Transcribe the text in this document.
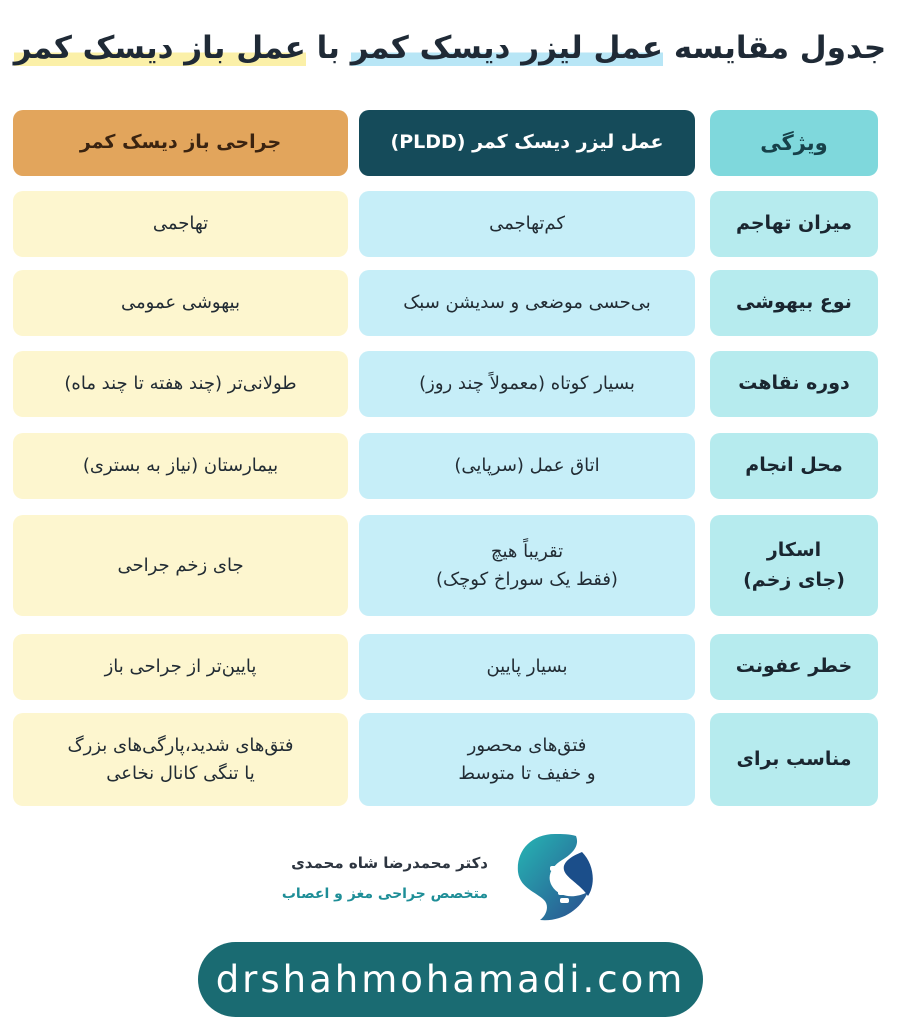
جدول مقایسه عمل لیزر دیسک کمر با عمل باز دیسک کمر
ویژگی
عمل لیزر دیسک کمر (PLDD)
جراحی باز دیسک کمر
میزان تهاجم
کم‌تهاجمی
تهاجمی
نوع بیهوشی
بی‌حسی موضعی و سدیشن سبک
بیهوشی عمومی
دوره نقاهت
بسیار کوتاه (معمولاً چند روز)
طولانی‌تر (چند هفته تا چند ماه)
محل انجام
اتاق عمل (سرپایی)
بیمارستان (نیاز به بستری)
اسکار
(جای زخم)
تقریباً هیچ
(فقط یک سوراخ کوچک)
جای زخم جراحی
خطر عفونت
بسیار پایین
پایین‌تر از جراحی باز
مناسب برای
فتق‌های محصور
و خفیف تا متوسط
فتق‌های شدید،پارگی‌های بزرگ
یا تنگی کانال نخاعی
دکتر محمدرضا شاه محمدی
متخصص جراحی مغز و اعصاب
drshahmohamadi.com
